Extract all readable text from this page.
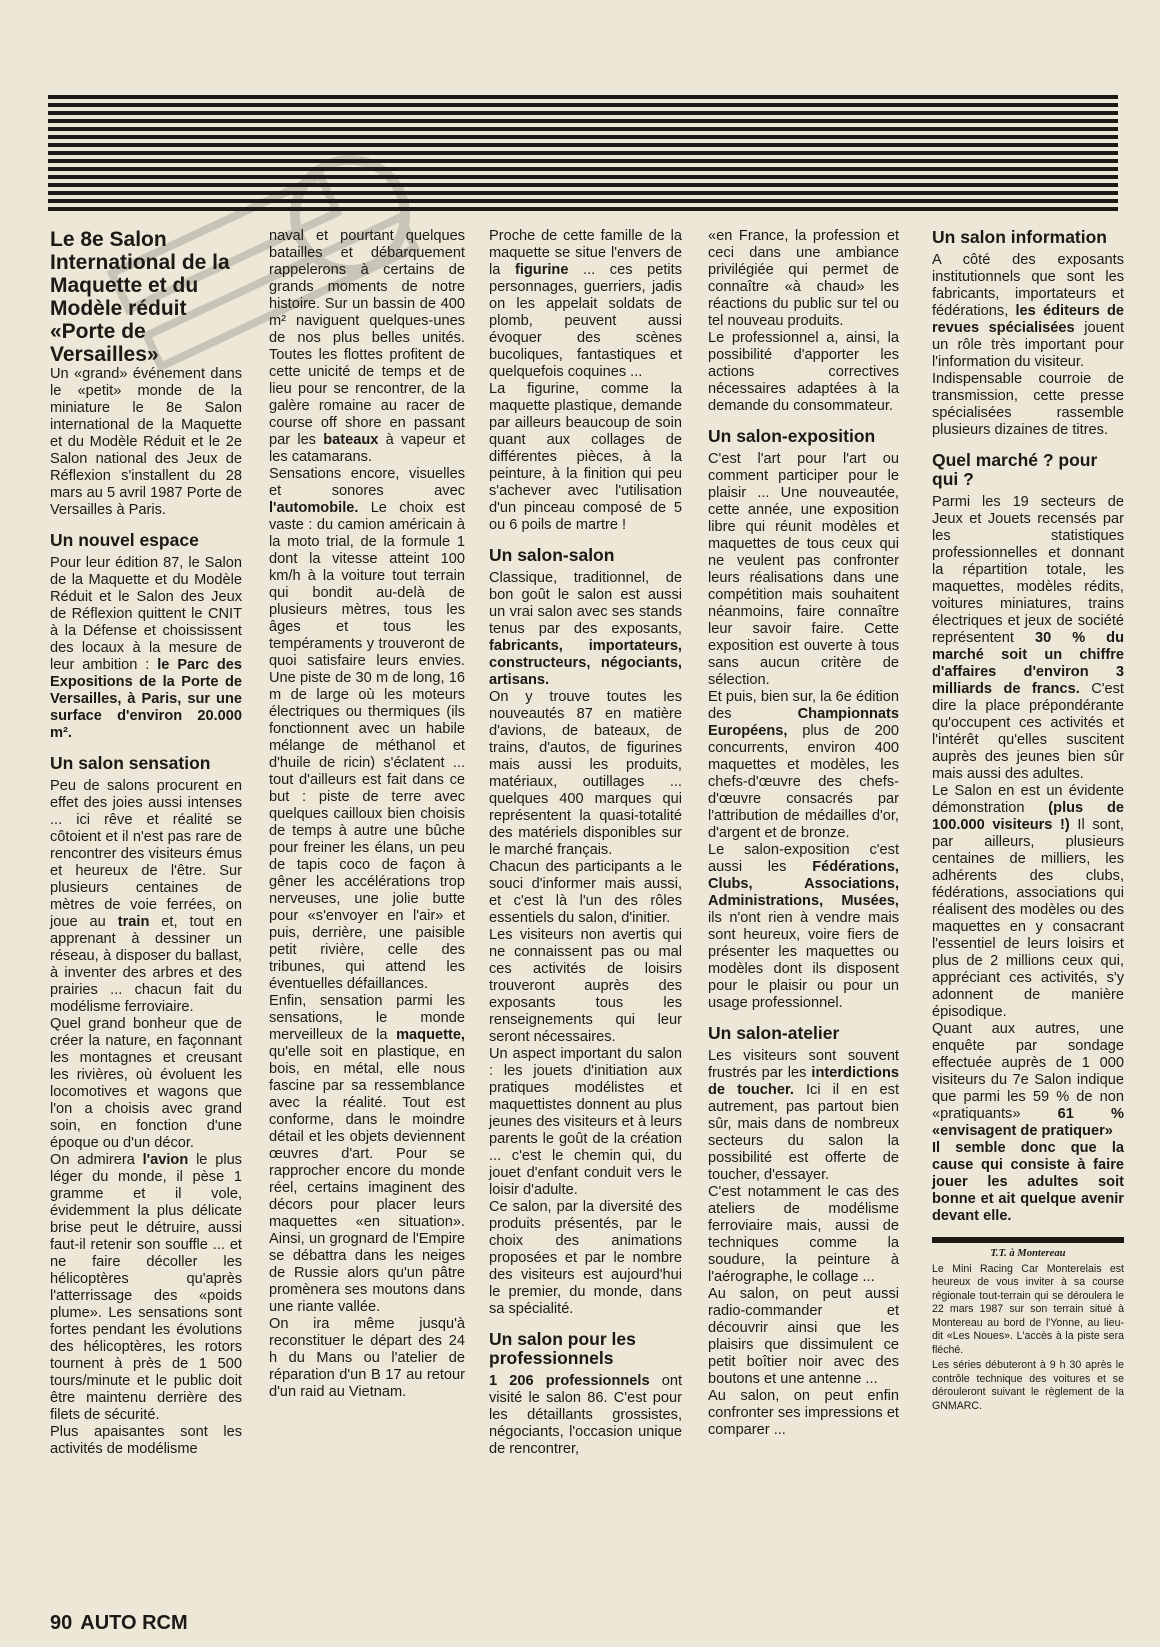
Le 8e Salon International de la Maquette et du Modèle réduit «Porte de Versailles»

Un «grand» événement dans le «petit» monde de la miniature le 8e Salon international de la Maquette et du Modèle Réduit et le 2e Salon national des Jeux de Réflexion s'installent du 28 mars au 5 avril 1987 Porte de Versailles à Paris.

Un nouvel espace

Pour leur édition 87, le Salon de la Maquette et du Modèle Réduit et le Salon des Jeux de Réflexion quittent le CNIT à la Défense et choississent des locaux à la mesure de leur ambition : le Parc des Expositions de la Porte de Versailles, à Paris, sur une surface d'environ 20.000 m².

Un salon sensation

Peu de salons procurent en effet des joies aussi intenses ... ici rêve et réalité se côtoient et il n'est pas rare de rencontrer des visiteurs émus et heureux de l'être. Sur plusieurs centaines de mètres de voie ferrées, on joue au train et, tout en apprenant à dessiner un réseau, à disposer du ballast, à inventer des arbres et des prairies ... chacun fait du modélisme ferroviaire.

Quel grand bonheur que de créer la nature, en façonnant les montagnes et creusant les rivières, où évoluent les locomotives et wagons que l'on a choisis avec grand soin, en fonction d'une époque ou d'un décor.

On admirera l'avion le plus léger du monde, il pèse 1 gramme et il vole, évidemment la plus délicate brise peut le détruire, aussi faut-il retenir son souffle ... et ne faire décoller les hélicoptères qu'après l'atterrissage des «poids plume». Les sensations sont fortes pendant les évolutions des hélicoptères, les rotors tournent à près de 1 500 tours/minute et le public doit être maintenu derrière des filets de sécurité.

Plus apaisantes sont les activités de modélisme

naval et pourtant quelques batailles et débarquement rappelerons à certains de grands moments de notre histoire. Sur un bassin de 400 m² naviguent quelques-unes de nos plus belles unités. Toutes les flottes profitent de cette unicité de temps et de lieu pour se rencontrer, de la galère romaine au racer de course off shore en passant par les bateaux à vapeur et les catamarans.

Sensations encore, visuelles et sonores avec l'automobile. Le choix est vaste : du camion américain à la moto trial, de la formule 1 dont la vitesse atteint 100 km/h à la voiture tout terrain qui bondit au-delà de plusieurs mètres, tous les âges et tous les tempéraments y trouveront de quoi satisfaire leurs envies. Une piste de 30 m de long, 16 m de large où les moteurs électriques ou thermiques (ils fonctionnent avec un habile mélange de méthanol et d'huile de ricin) s'éclatent ... tout d'ailleurs est fait dans ce but : piste de terre avec quelques cailloux bien choisis de temps à autre une bûche pour freiner les élans, un peu de tapis coco de façon à gêner les accélérations trop nerveuses, une jolie butte pour «s'envoyer en l'air» et puis, derrière, une paisible petit rivière, celle des tribunes, qui attend les éventuelles défaillances.

Enfin, sensation parmi les sensations, le monde merveilleux de la maquette, qu'elle soit en plastique, en bois, en métal, elle nous fascine par sa ressemblance avec la réalité. Tout est conforme, dans le moindre détail et les objets deviennent œuvres d'art. Pour se rapprocher encore du monde réel, certains imaginent des décors pour placer leurs maquettes «en situation». Ainsi, un grognard de l'Empire se débattra dans les neiges de Russie alors qu'un pâtre promènera ses moutons dans une riante vallée.

On ira même jusqu'à reconstituer le départ des 24 h du Mans ou l'atelier de réparation d'un B 17 au retour d'un raid au Vietnam.

Proche de cette famille de la maquette se situe l'envers de la figurine ... ces petits personnages, guerriers, jadis on les appelait soldats de plomb, peuvent aussi évoquer des scènes bucoliques, fantastiques et quelquefois coquines ...

La figurine, comme la maquette plastique, demande par ailleurs beaucoup de soin quant aux collages de différentes pièces, à la peinture, à la finition qui peu s'achever avec l'utilisation d'un pinceau composé de 5 ou 6 poils de martre !

Un salon-salon

Classique, traditionnel, de bon goût le salon est aussi un vrai salon avec ses stands tenus par des exposants, fabricants, importateurs, constructeurs, négociants, artisans.

On y trouve toutes les nouveautés 87 en matière d'avions, de bateaux, de trains, d'autos, de figurines mais aussi les produits, matériaux, outillages ... quelques 400 marques qui représentent la quasi-totalité des matériels disponibles sur le marché français.

Chacun des participants a le souci d'informer mais aussi, et c'est là l'un des rôles essentiels du salon, d'initier.

Les visiteurs non avertis qui ne connaissent pas ou mal ces activités de loisirs trouveront auprès des exposants tous les renseignements qui leur seront nécessaires.

Un aspect important du salon : les jouets d'initiation aux pratiques modélistes et maquettistes donnent au plus jeunes des visiteurs et à leurs parents le goût de la création ... c'est le chemin qui, du jouet d'enfant conduit vers le loisir d'adulte.

Ce salon, par la diversité des produits présentés, par le choix des animations proposées et par le nombre des visiteurs est aujourd'hui le premier, du monde, dans sa spécialité.

Un salon pour les professionnels

1 206 professionnels ont visité le salon 86. C'est pour les détaillants grossistes, négociants, l'occasion unique de rencontrer,

«en France, la profession et ceci dans une ambiance privilégiée qui permet de connaître «à chaud» les réactions du public sur tel ou tel nouveau produits.

Le professionnel a, ainsi, la possibilité d'apporter les actions correctives nécessaires adaptées à la demande du consommateur.

Un salon-exposition

C'est l'art pour l'art ou comment participer pour le plaisir ... Une nouveautée, cette année, une exposition libre qui réunit modèles et maquettes de tous ceux qui ne veulent pas confronter leurs réalisations dans une compétition mais souhaitent néanmoins, faire connaître leur savoir faire. Cette exposition est ouverte à tous sans aucun critère de sélection.

Et puis, bien sur, la 6e édition des Championnats Européens, plus de 200 concurrents, environ 400 maquettes et modèles, les chefs-d'œuvre des chefs-d'œuvre consacrés par l'attribution de médailles d'or, d'argent et de bronze.

Le salon-exposition c'est aussi les Fédérations, Clubs, Associations, Administrations, Musées, ils n'ont rien à vendre mais sont heureux, voire fiers de présenter les maquettes ou modèles dont ils disposent pour le plaisir ou pour un usage professionnel.

Un salon-atelier

Les visiteurs sont souvent frustrés par les interdictions de toucher. Ici il en est autrement, pas partout bien sûr, mais dans de nombreux secteurs du salon la possibilité est offerte de toucher, d'essayer.

C'est notamment le cas des ateliers de modélisme ferroviaire mais, aussi de techniques comme la soudure, la peinture à l'aérographe, le collage ...

Au salon, on peut aussi radio-commander et découvrir ainsi que les plaisirs que dissimulent ce petit boîtier noir avec des boutons et une antenne ...

Au salon, on peut enfin confronter ses impressions et comparer ...

Un salon information

A côté des exposants institutionnels que sont les fabricants, importateurs et fédérations, les éditeurs de revues spécialisées jouent un rôle très important pour l'information du visiteur.

Indispensable courroie de transmission, cette presse spécialisées rassemble plusieurs dizaines de titres.

Quel marché ? pour qui ?

Parmi les 19 secteurs de Jeux et Jouets recensés par les statistiques professionnelles et donnant la répartition totale, les maquettes, modèles rédits, voitures miniatures, trains électriques et jeux de société représentent 30 % du marché soit un chiffre d'affaires d'environ 3 milliards de francs. C'est dire la place prépondérante qu'occupent ces activités et l'intérêt qu'elles suscitent auprès des jeunes bien sûr mais aussi des adultes.

Le Salon en est un évidente démonstration (plus de 100.000 visiteurs !) Il sont, par ailleurs, plusieurs centaines de milliers, les adhérents des clubs, fédérations, associations qui réalisent des modèles ou des maquettes en y consacrant l'essentiel de leurs loisirs et plus de 2 millions ceux qui, appréciant ces activités, s'y adonnent de manière épisodique.

Quant aux autres, une enquête par sondage effectuée auprès de 1 000 visiteurs du 7e Salon indique que parmi les 59 % de non «pratiquants» 61 % «envisagent de pratiquer»

Il semble donc que la cause qui consiste à faire jouer les adultes soit bonne et ait quelque avenir devant elle.

T.T. à Montereau

Le Mini Racing Car Monterelais est heureux de vous inviter à sa course régionale tout-terrain qui se déroulera le 22 mars 1987 sur son terrain situé à Montereau au bord de l'Yonne, au lieu-dit «Les Noues». L'accès à la piste sera fléché.

Les séries débuteront à 9 h 30 après le contrôle technique des voitures et se dérouleront suivant le règlement de la GNMARC.

90 AUTO RCM
